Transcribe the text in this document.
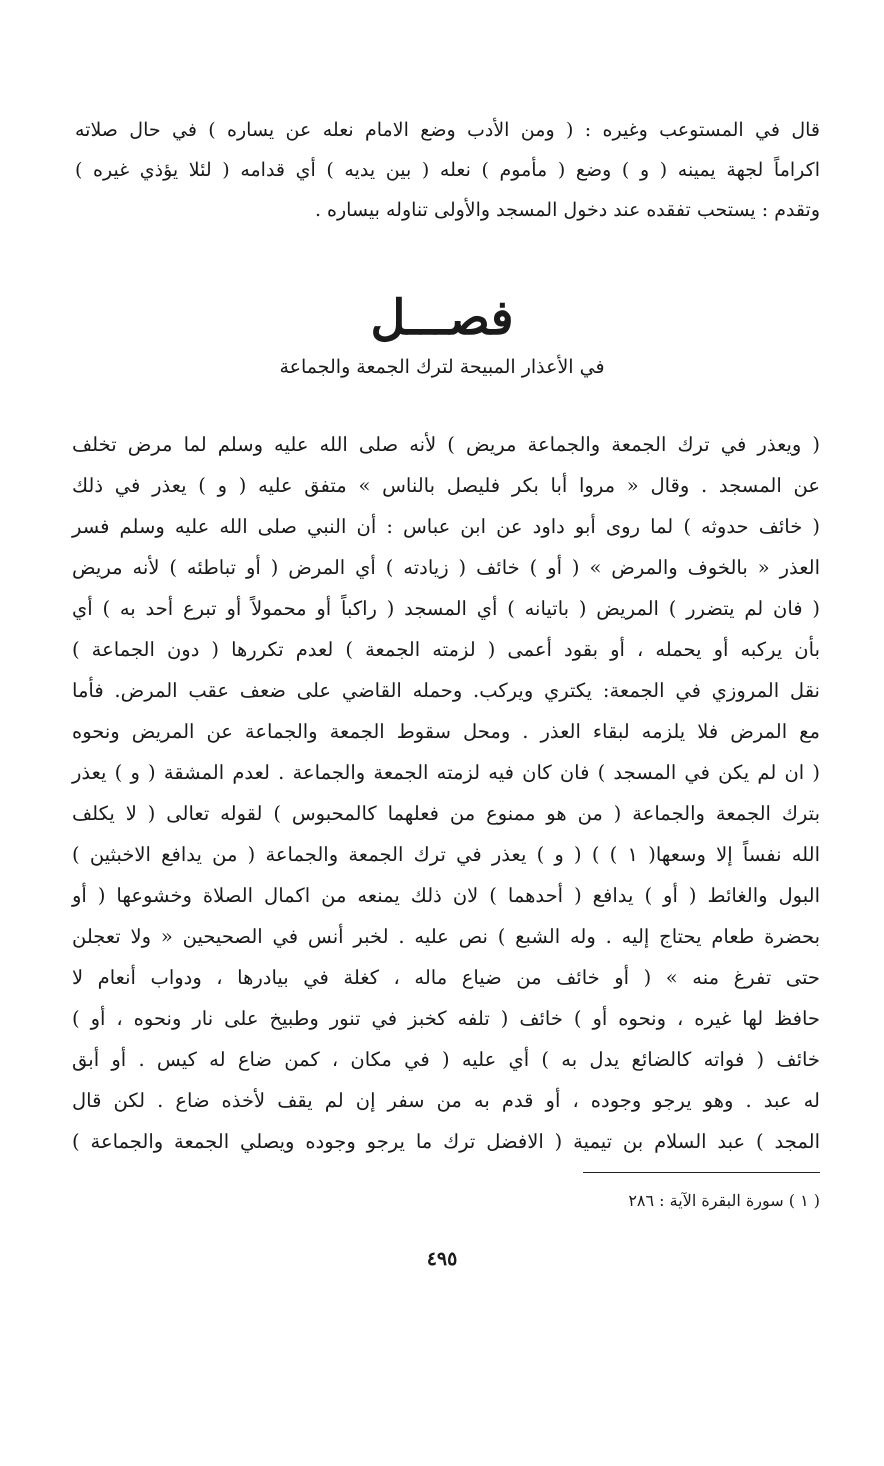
قال في المستوعب وغيره : ( ومن الأدب وضع الامام نعله عن يساره ) في حال صلاته
اكراماً لجهة يمينه ( و ) وضع ( مأموم ) نعله ( بين يديه ) أي قدامه ( لئلا يؤذي غيره )
وتقدم : يستحب تفقده عند دخول المسجد والأولى تناوله بيساره .
فصـــل
في الأعذار المبيحة لترك الجمعة والجماعة
( ويعذر في ترك الجمعة والجماعة مريض ) لأنه صلى الله عليه وسلم لما مرض تخلف
عن المسجد . وقال « مروا أبا بكر فليصل بالناس » متفق عليه ( و ) يعذر في ذلك
( خائف حدوثه ) لما روى أبو داود عن ابن عباس : أن النبي صلى الله عليه وسلم فسر
العذر « بالخوف والمرض » ( أو ) خائف ( زيادته ) أي المرض ( أو تباطئه ) لأنه مريض
( فان لم يتضرر ) المريض ( باتيانه ) أي المسجد ( راكباً أو محمولاً أو تبرع أحد به ) أي
بأن يركبه أو يحمله ، أو بقود أعمى ( لزمته الجمعة ) لعدم تكررها ( دون الجماعة )
نقل المروزي في الجمعة: يكتري ويركب. وحمله القاضي على ضعف عقب المرض. فأما
مع المرض فلا يلزمه لبقاء العذر . ومحل سقوط الجمعة والجماعة عن المريض ونحوه
( ان لم يكن في المسجد ) فان كان فيه لزمته الجمعة والجماعة . لعدم المشقة ( و ) يعذر
بترك الجمعة والجماعة ( من هو ممنوع من فعلهما كالمحبوس ) لقوله تعالى ( لا يكلف
الله نفساً إلا وسعها( ١ ) ) ( و ) يعذر في ترك الجمعة والجماعة ( من يدافع الاخبثين )
البول والغائط ( أو ) يدافع ( أحدهما ) لان ذلك يمنعه من اكمال الصلاة وخشوعها ( أو
بحضرة طعام يحتاج إليه . وله الشبع ) نص عليه . لخبر أنس في الصحيحين « ولا تعجلن
حتى تفرغ منه » ( أو خائف من ضياع ماله ، كغلة في بيادرها ، ودواب أنعام لا
حافظ لها غيره ، ونحوه أو ) خائف ( تلفه كخبز في تنور وطبيخ على نار ونحوه ، أو )
خائف ( فواته كالضائع يدل به ) أي عليه ( في مكان ، كمن ضاع له كيس . أو أبق
له عبد . وهو يرجو وجوده ، أو قدم به من سفر إن لم يقف لأخذه ضاع . لكن قال
المجد ) عبد السلام بن تيمية ( الافضل ترك ما يرجو وجوده ويصلي الجمعة والجماعة )
( ١ ) سورة البقرة الآية : ٢٨٦
٤٩٥
